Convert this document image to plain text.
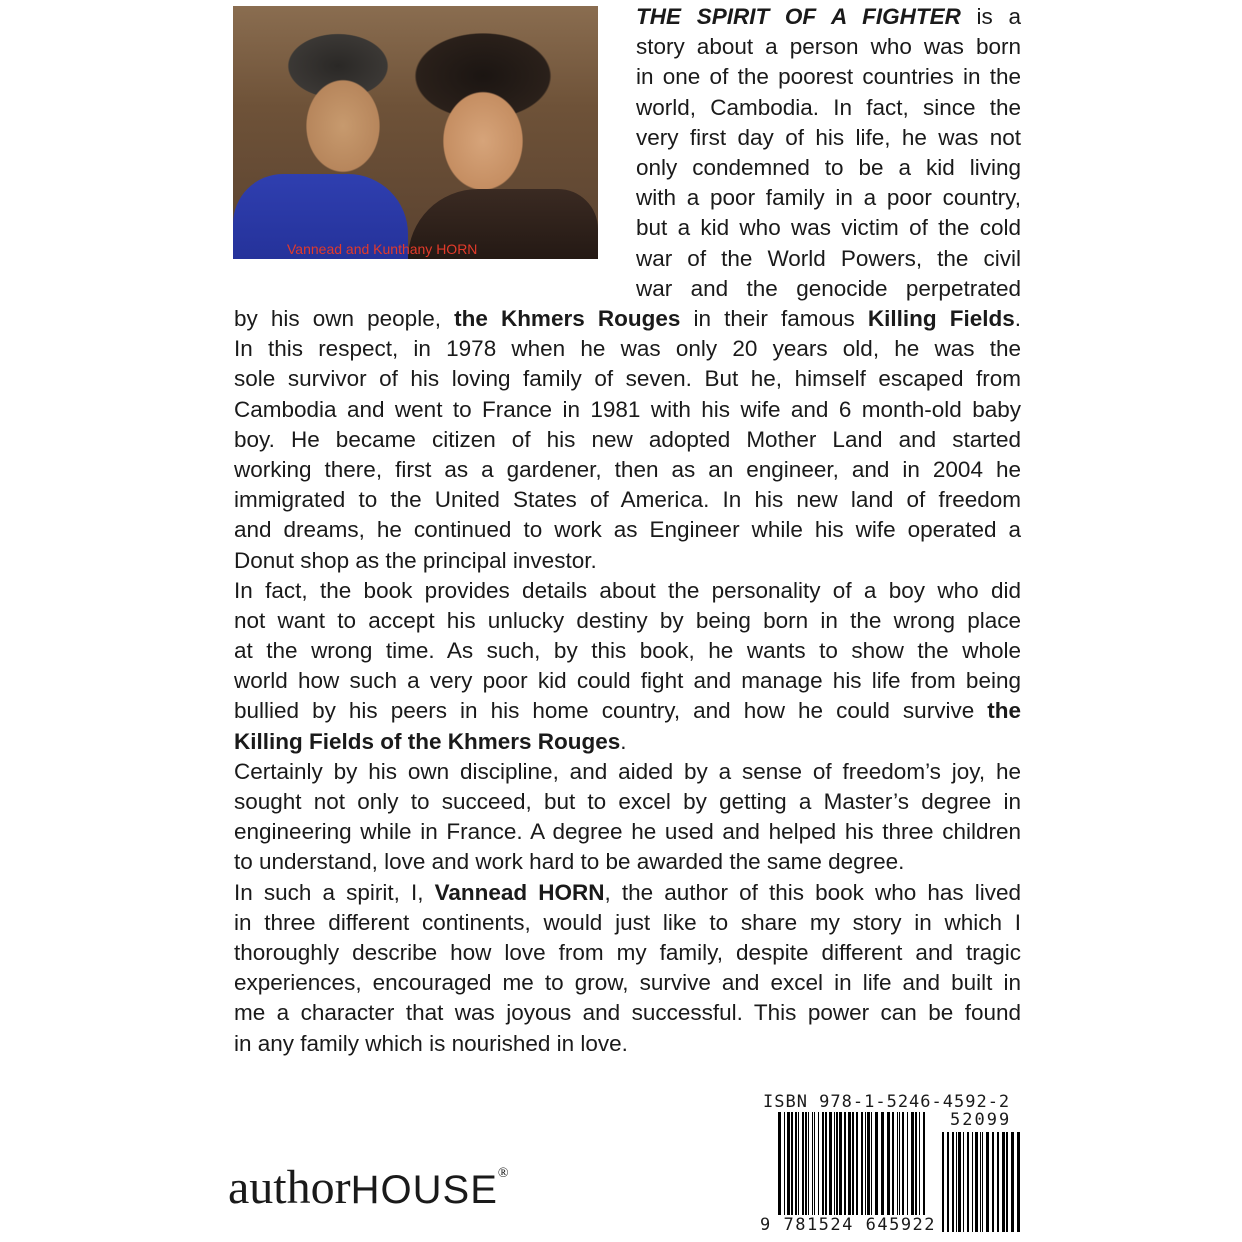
Vannead and Kunthany HORN
THE SPIRIT OF A FIGHTER is a
story about a person who was born
in one of the poorest countries in the
world, Cambodia. In fact, since the
very first day of his life, he was not
only condemned to be a kid living
with a poor family in a poor country,
but a kid who was victim of the cold
war of the World Powers, the civil
war and the genocide perpetrated
by his own people, the Khmers Rouges in their famous Killing Fields.
In this respect, in 1978 when he was only 20 years old, he was the
sole survivor of his loving family of seven. But he, himself escaped from
Cambodia and went to France in 1981 with his wife and 6 month-old baby
boy. He became citizen of his new adopted Mother Land and started
working there, first as a gardener, then as an engineer, and in 2004 he
immigrated to the United States of America. In his new land of freedom
and dreams, he continued to work as Engineer while his wife operated a
Donut shop as the principal investor.
In fact, the book provides details about the personality of a boy who did
not want to accept his unlucky destiny by being born in the wrong place
at the wrong time. As such, by this book, he wants to show the whole
world how such a very poor kid could fight and manage his life from being
bullied by his peers in his home country, and how he could survive the
Killing Fields of the Khmers Rouges.
Certainly by his own discipline, and aided by a sense of freedom’s joy, he
sought not only to succeed, but to excel by getting a Master’s degree in
engineering while in France. A degree he used and helped his three children
to understand, love and work hard to be awarded the same degree.
In such a spirit, I, Vannead HORN, the author of this book who has lived
in three different continents, would just like to share my story in which I
thoroughly describe how love from my family, despite different and tragic
experiences, encouraged me to grow, survive and excel in life and built in
me a character that was joyous and successful. This power can be found
in any family which is nourished in love.
authorHOUSE®
ISBN 978-1-5246-4592-2
52099
9 781524 645922
